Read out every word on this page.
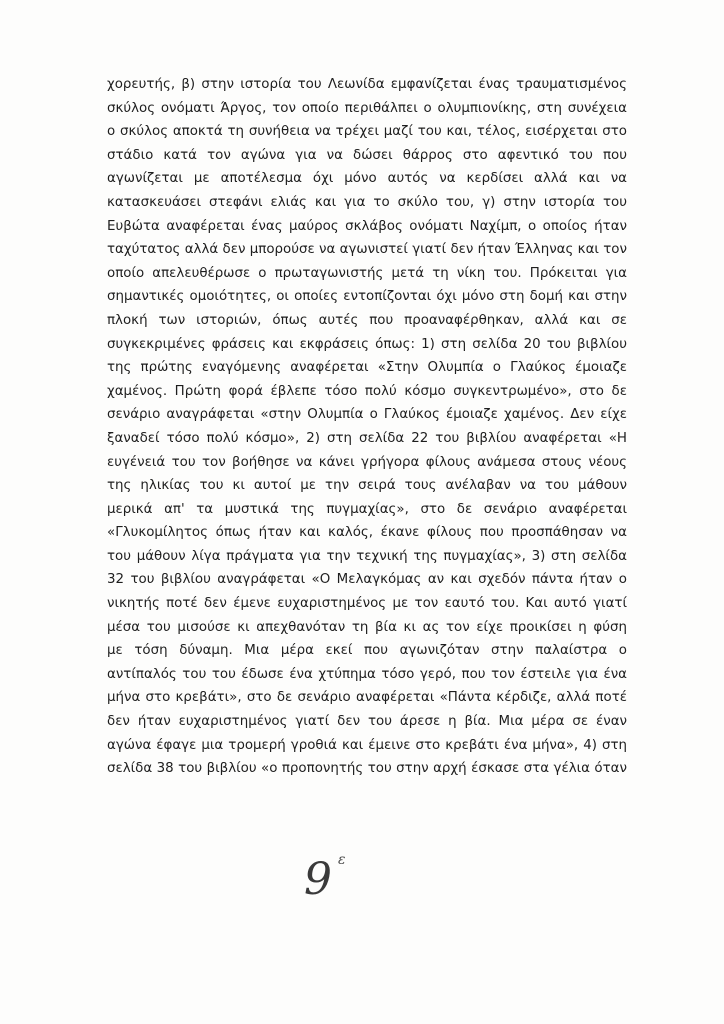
χορευτής, β) στην ιστορία του Λεωνίδα εμφανίζεται ένας τραυματισμένος
σκύλος ονόματι Άργος, τον οποίο περιθάλπει ο ολυμπιονίκης, στη συνέχεια
ο σκύλος αποκτά τη συνήθεια να τρέχει μαζί του και, τέλος, εισέρχεται στο
στάδιο κατά τον αγώνα για να δώσει θάρρος στο αφεντικό του που
αγωνίζεται με αποτέλεσμα όχι μόνο αυτός να κερδίσει αλλά και να
κατασκευάσει στεφάνι ελιάς και για το σκύλο του, γ) στην ιστορία του
Ευβώτα αναφέρεται ένας μαύρος σκλάβος ονόματι Ναχίμπ, ο οποίος ήταν
ταχύτατος αλλά δεν μπορούσε να αγωνιστεί γιατί δεν ήταν Έλληνας και τον
οποίο απελευθέρωσε ο πρωταγωνιστής μετά τη νίκη του. Πρόκειται για
σημαντικές ομοιότητες, οι οποίες εντοπίζονται όχι μόνο στη δομή και στην
πλοκή των ιστοριών, όπως αυτές που προαναφέρθηκαν, αλλά και σε
συγκεκριμένες φράσεις και εκφράσεις όπως: 1) στη σελίδα 20 του βιβλίου
της πρώτης εναγόμενης αναφέρεται «Στην Ολυμπία ο Γλαύκος έμοιαζε
χαμένος. Πρώτη φορά έβλεπε τόσο πολύ κόσμο συγκεντρωμένο», στο δε
σενάριο αναγράφεται «στην Ολυμπία ο Γλαύκος έμοιαζε χαμένος. Δεν είχε
ξαναδεί τόσο πολύ κόσμο», 2) στη σελίδα 22 του βιβλίου αναφέρεται «Η
ευγένειά του τον βοήθησε να κάνει γρήγορα φίλους ανάμεσα στους νέους
της ηλικίας του κι αυτοί με την σειρά τους ανέλαβαν να του μάθουν
μερικά απ' τα μυστικά της πυγμαχίας», στο δε σενάριο αναφέρεται
«Γλυκομίλητος όπως ήταν και καλός, έκανε φίλους που προσπάθησαν να
του μάθουν λίγα πράγματα για την τεχνική της πυγμαχίας», 3) στη σελίδα
32 του βιβλίου αναγράφεται «Ο Μελαγκόμας αν και σχεδόν πάντα ήταν ο
νικητής ποτέ δεν έμενε ευχαριστημένος με τον εαυτό του. Και αυτό γιατί
μέσα του μισούσε κι απεχθανόταν τη βία κι ας τον είχε προικίσει η φύση
με τόση δύναμη. Μια μέρα εκεί που αγωνιζόταν στην παλαίστρα ο
αντίπαλός του του έδωσε ένα χτύπημα τόσο γερό, που τον έστειλε για ένα
μήνα στο κρεβάτι», στο δε σενάριο αναφέρεται «Πάντα κέρδιζε, αλλά ποτέ
δεν ήταν ευχαριστημένος γιατί δεν του άρεσε η βία. Μια μέρα σε έναν
αγώνα έφαγε μια τρομερή γροθιά και έμεινε στο κρεβάτι ένα μήνα», 4) στη
σελίδα 38 του βιβλίου «ο προπονητής του στην αρχή έσκασε στα γέλια όταν
9 ε
